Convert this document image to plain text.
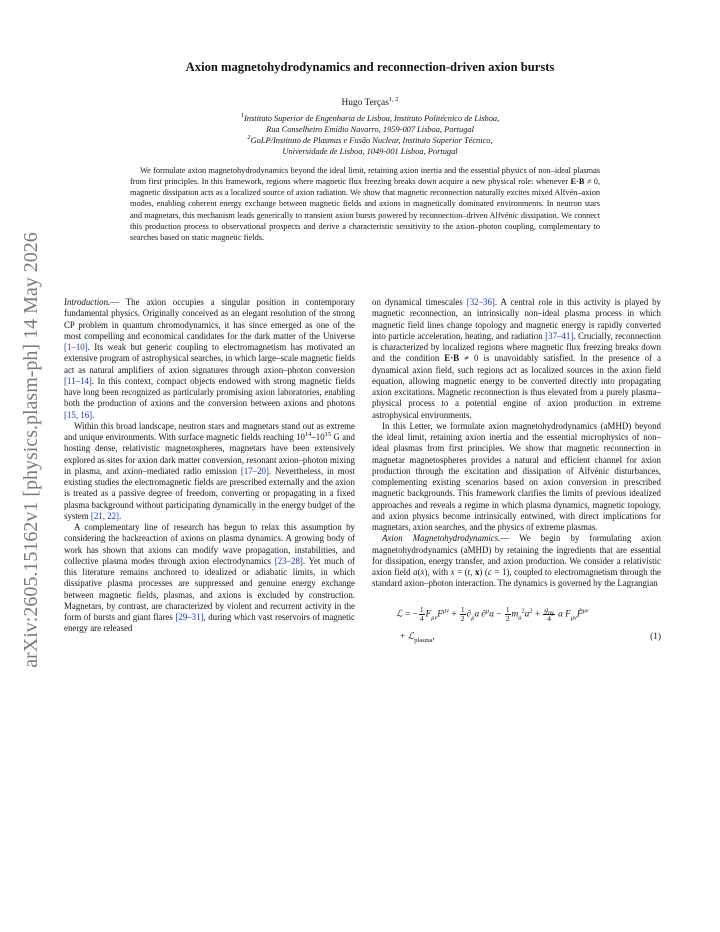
arXiv:2605.15162v1 [physics.plasm-ph] 14 May 2026
Axion magnetohydrodynamics and reconnection-driven axion bursts
Hugo Terças$^{1, 2}$
$^1$Instituto Superior de Engenharia de Lisboa, Instituto Politécnico de Lisboa,
Rua Conselheiro Emídio Navarro, 1959-007 Lisboa, Portugal
$^2$GoLP/Instituto de Plasmas e Fusão Nuclear, Instituto Superior Técnico,
Universidade de Lisboa, 1049-001 Lisboa, Portugal
We formulate axion magnetohydrodynamics beyond the ideal limit, retaining axion inertia and the essential physics of non–ideal plasmas from first principles. In this framework, regions where magnetic flux freezing breaks down acquire a new physical role: whenever E·B ≠ 0, magnetic dissipation acts as a localized source of axion radiation. We show that magnetic reconnection naturally excites mixed Alfvén–axion modes, enabling coherent energy exchange between magnetic fields and axions in magnetically dominated environments. In neutron stars and magnetars, this mechanism leads generically to transient axion bursts powered by reconnection–driven Alfvénic dissipation. We connect this production process to observational prospects and derive a characteristic sensitivity to the axion–photon coupling, complementary to searches based on static magnetic fields.

Introduction.— The axion occupies a singular position in contemporary fundamental physics. Originally conceived as an elegant resolution of the strong CP problem in quantum chromodynamics, it has since emerged as one of the most compelling and economical candidates for the dark matter of the Universe [1–10]. Its weak but generic coupling to electromagnetism has motivated an extensive program of astrophysical searches, in which large–scale magnetic fields act as natural amplifiers of axion signatures through axion–photon conversion [11–14]. In this context, compact objects endowed with strong magnetic fields have long been recognized as particularly promising axion laboratories, enabling both the production of axions and the conversion between axions and photons [15, 16].

Within this broad landscape, neutron stars and magnetars stand out as extreme and unique environments. With surface magnetic fields reaching $10^{14}-10^{15}$ G and hosting dense, relativistic magnetospheres, magnetars have been extensively explored as sites for axion dark matter conversion, resonant axion–photon mixing in plasma, and axion–mediated radio emission [17–20]. Nevertheless, in most existing studies the electromagnetic fields are prescribed externally and the axion is treated as a passive degree of freedom, converting or propagating in a fixed plasma background without participating dynamically in the energy budget of the system [21, 22].

A complementary line of research has begun to relax this assumption by considering the backreaction of axions on plasma dynamics. A growing body of work has shown that axions can modify wave propagation, instabilities, and collective plasma modes through axion electrodynamics [23–28]. Yet much of this literature remains anchored to idealized or adiabatic limits, in which dissipative plasma processes are suppressed and genuine energy exchange between magnetic fields, plasmas, and axions is excluded by construction. Magnetars, by contrast, are characterized by violent and recurrent activity in the form of bursts and giant flares [29–31], during which vast reservoirs of magnetic energy are released

on dynamical timescales [32–36]. A central role in this activity is played by magnetic reconnection, an intrinsically non–ideal plasma process in which magnetic field lines change topology and magnetic energy is rapidly converted into particle acceleration, heating, and radiation [37–41]. Crucially, reconnection is characterized by localized regions where magnetic flux freezing breaks down and the condition E·B ≠ 0 is unavoidably satisfied. In the presence of a dynamical axion field, such regions act as localized sources in the axion field equation, allowing magnetic energy to be converted directly into propagating axion excitations. Magnetic reconnection is thus elevated from a purely plasma–physical process to a potential engine of axion production in extreme astrophysical environments.

In this Letter, we formulate axion magnetohydrodynamics (aMHD) beyond the ideal limit, retaining axion inertia and the essential microphysics of non–ideal plasmas from first principles. We show that magnetic reconnection in magnetar magnetospheres provides a natural and efficient channel for axion production through the excitation and dissipation of Alfvénic disturbances, complementing existing scenarios based on axion conversion in prescribed magnetic backgrounds. This framework clarifies the limits of previous idealized approaches and reveals a regime in which plasma dynamics, magnetic topology, and axion physics become intrinsically entwined, with direct implications for magnetars, axion searches, and the physics of extreme plasmas.

Axion Magnetohydrodynamics.— We begin by formulating axion magnetohydrodynamics (aMHD) by retaining the ingredients that are essential for dissipation, energy transfer, and axion production. We consider a relativistic axion field a(x), with x = (t, x) (c = 1), coupled to electromagnetism through the standard axion–photon interaction. The dynamics is governed by the Lagrangian

ℒ = − $\frac{1}{4} F_{\mu\nu}F^{\mu\nu} + \frac{1}{2} \partial_\mu a$ $\partial^\mu a - \frac{1}{2} m_a^2a^2 + \frac{g_{a\gamma}}{4}$ a $F_{\mu\nu}F̃^{\mu\nu}$
+ ℒ$_{plasma}$,	(1)
